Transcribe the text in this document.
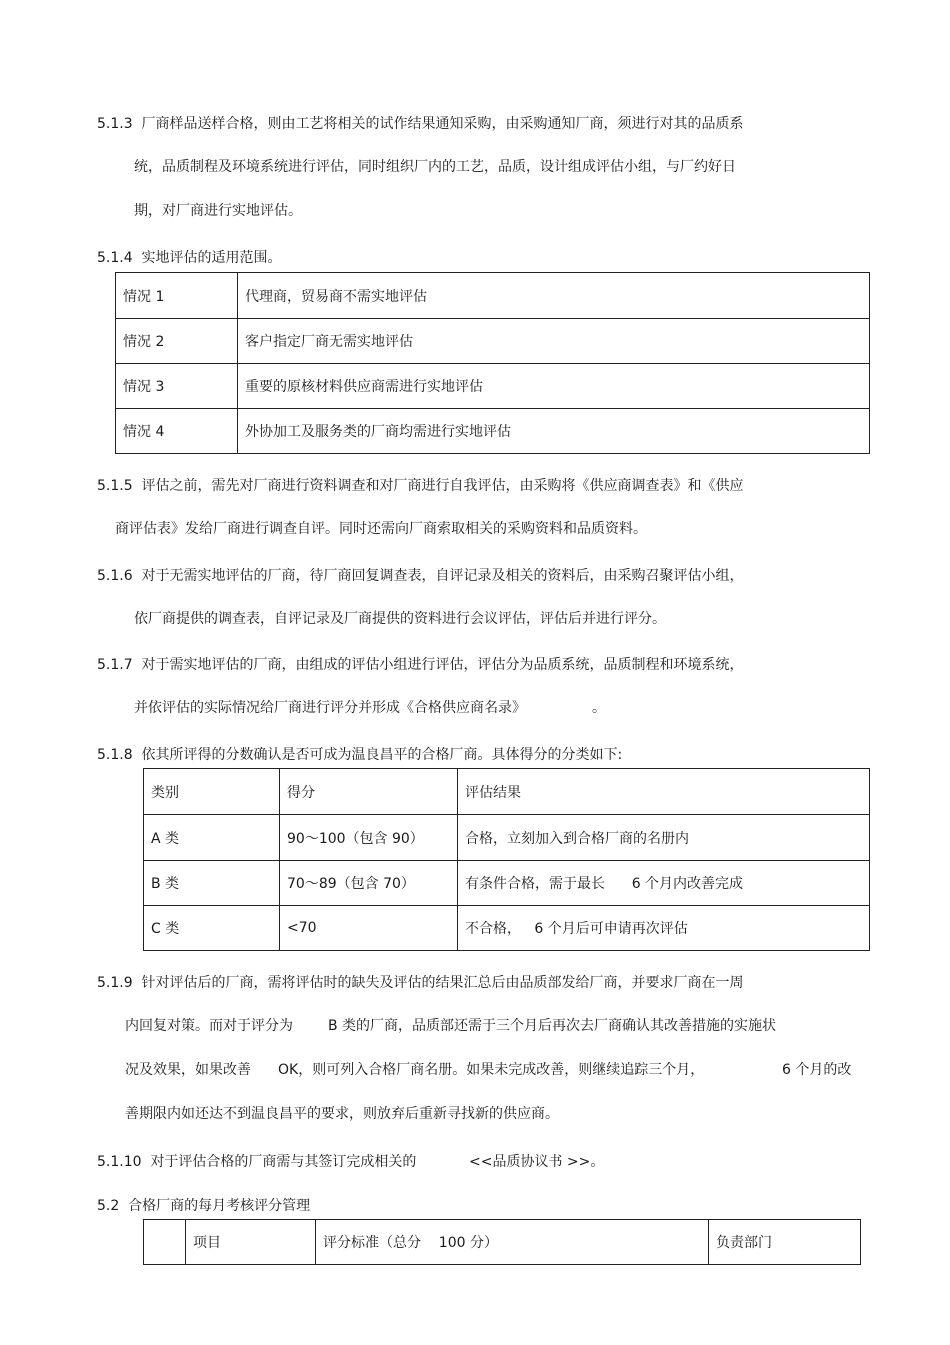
5.1.3 厂商样品送样合格，则由工艺将相关的试作结果通知采购，由采购通知厂商，须进行对其的品质系
统，品质制程及环境系统进行评估，同时组织厂内的工艺，品质，设计组成评估小组，与厂约好日
期，对厂商进行实地评估。
5.1.4 实地评估的适用范围。
情况 1	代理商，贸易商不需实地评估
情况 2	客户指定厂商无需实地评估
情况 3	重要的原核材料供应商需进行实地评估
情况 4	外协加工及服务类的厂商均需进行实地评估
5.1.5 评估之前，需先对厂商进行资料调查和对厂商进行自我评估，由采购将《供应商调查表》和《供应
商评估表》发给厂商进行调查自评。同时还需向厂商索取相关的采购资料和品质资料。
5.1.6 对于无需实地评估的厂商，待厂商回复调查表，自评记录及相关的资料后，由采购召聚评估小组，
依厂商提供的调查表，自评记录及厂商提供的资料进行会议评估，评估后并进行评分。
5.1.7 对于需实地评估的厂商，由组成的评估小组进行评估，评估分为品质系统，品质制程和环境系统，
并依评估的实际情况给厂商进行评分并形成《合格供应商名录》	。
5.1.8 依其所评得的分数确认是否可成为温良昌平的合格厂商。具体得分的分类如下:
类别	得分	评估结果
A 类	90～100（包含 90）	合格，立刻加入到合格厂商的名册内
B 类	70～89（包含 70）	有条件合格，需于最长      6 个月内改善完成
C 类	<70	不合格，   6 个月后可申请再次评估
5.1.9 针对评估后的厂商，需将评估时的缺失及评估的结果汇总后由品质部发给厂商，并要求厂商在一周
内回复对策。而对于评分为	B 类的厂商，品质部还需于三个月后再次去厂商确认其改善措施的实施状
况及效果，如果改善 OK，则可列入合格厂商名册。如果未完成改善，则继续追踪三个月，	6 个月的改
善期限内如还达不到温良昌平的要求，则放弃后重新寻找新的供应商。
5.1.10 对于评估合格的厂商需与其签订完成相关的	<<品质协议书 >>。
5.2 合格厂商的每月考核评分管理
	项目	评分标准（总分    100 分）	负责部门
